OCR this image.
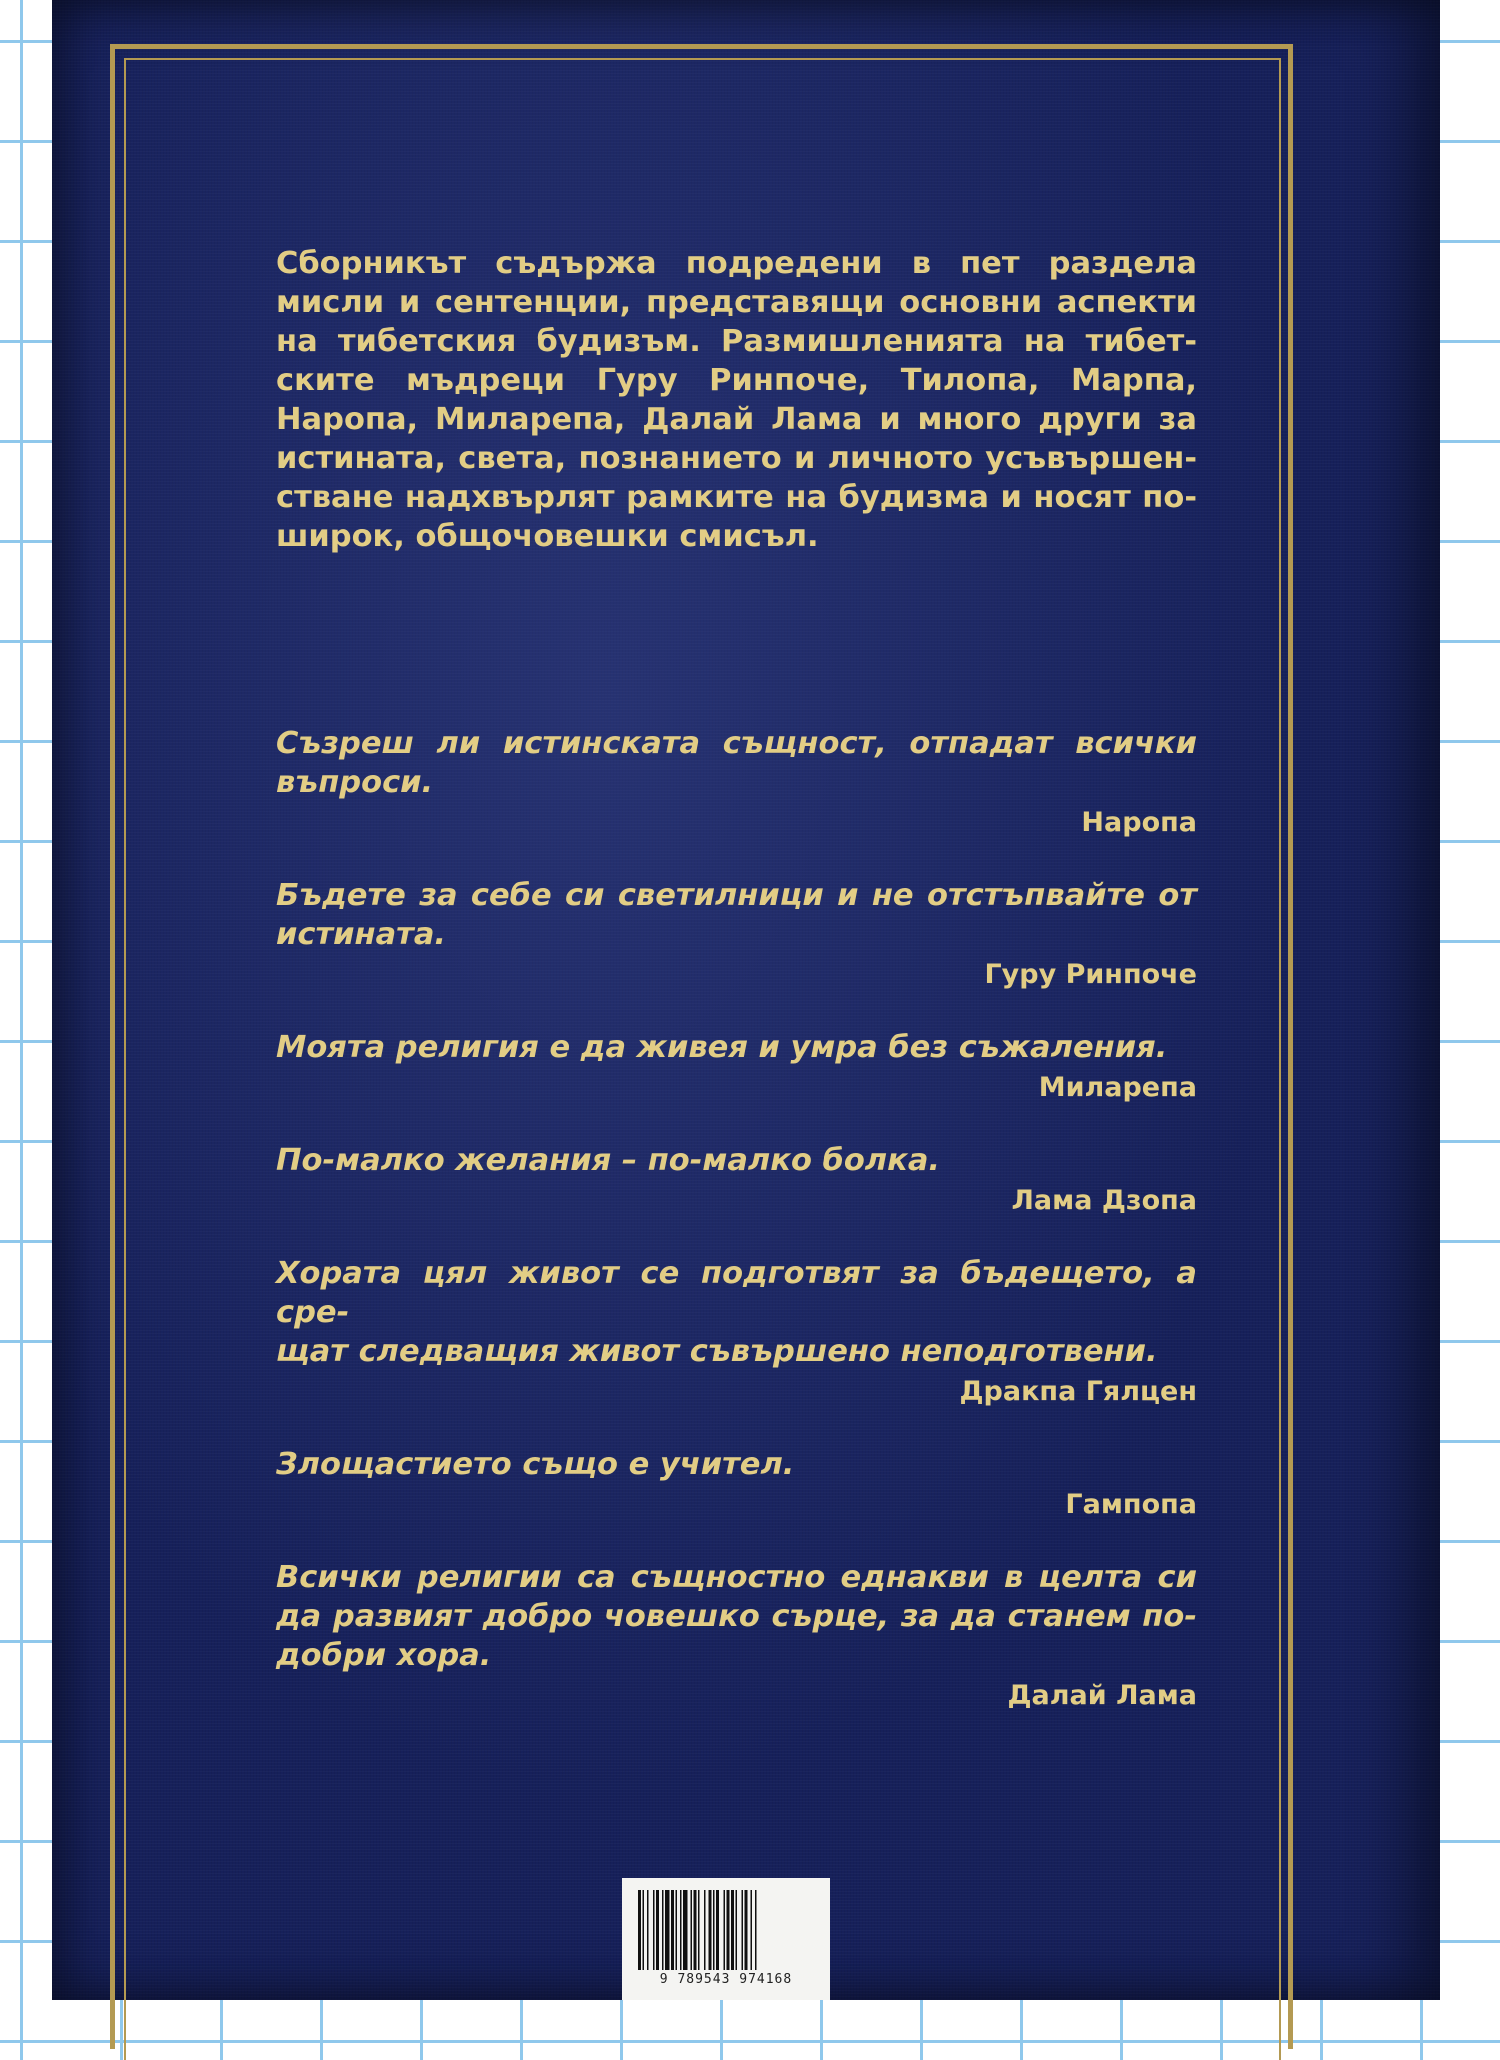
Сборникът съдържа подредени в пет раздела
мисли и сентенции, представящи основни аспекти
на тибетския будизъм. Размишленията на тибет-
ските мъдреци Гуру Ринпоче, Тилопа, Марпа,
Наропа, Миларепа, Далай Лама и много други за
истината, света, познанието и личното усъвършен-
стване надхвърлят рамките на будизма и носят по-
широк, общочовешки смисъл.
Съзреш ли истинската същност, отпадат всички
въпроси.
Наропа
Бъдете за себе си светилници и не отстъпвайте от
истината.
Гуру Ринпоче
Моята религия е да живея и умра без съжаления.
Миларепа
По-малко желания – по-малко болка.
Лама Дзопа
Хората цял живот се подготвят за бъдещето, а сре-
щат следващия живот съвършено неподготвени.
Дракпа Гялцен
Злощастието също е учител.
Гампопа
Всички религии са същностно еднакви в целта си
да развият добро човешко сърце, за да станем по-
добри хора.
Далай Лама
9 789543 974168
